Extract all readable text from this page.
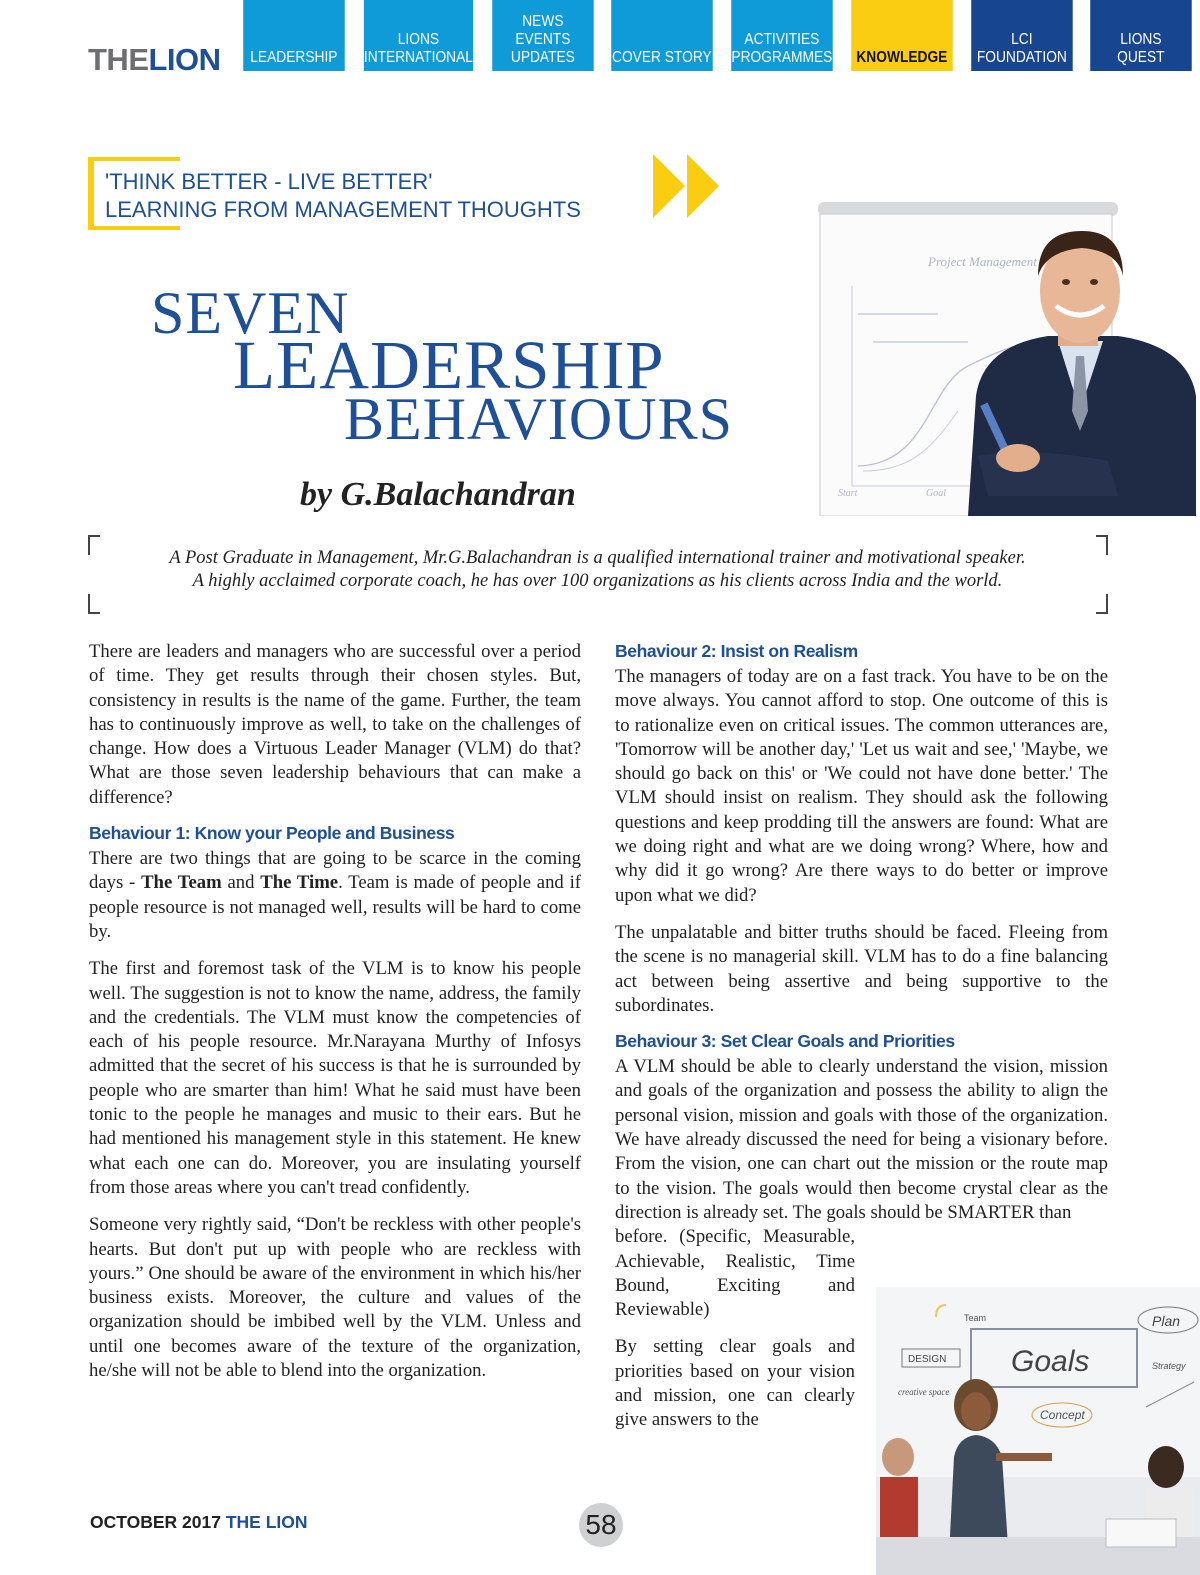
THELION LEADERSHIP
LIONS
INTERNATIONAL
NEWS
EVENTS
UPDATES COVER STORY
ACTIVITIES
PROGRAMMES KNOWLEDGE
LCI
FOUNDATION
LIONS
QUEST
'THINK BETTER - LIVE BETTER'
LEARNING FROM MANAGEMENT THOUGHTS
SEVEN
LEADERSHIP
BEHAVIOURS
by G.Balachandran
Project Management
Start	Goal
A Post Graduate in Management, Mr.G.Balachandran is a qualified international trainer and motivational speaker.
A highly acclaimed corporate coach, he has over 100 organizations as his clients across India and the world.

There are leaders and managers who are successful over a period of time. They get results through their chosen styles. But, consistency in results is the name of the game. Further, the team has to continuously improve as well, to take on the challenges of change. How does a Virtuous Leader Manager (VLM) do that? What are those seven leadership behaviours that can make a difference?

Behaviour 1: Know your People and Business

There are two things that are going to be scarce in the coming days - The Team and The Time. Team is made of people and if people resource is not managed well, results will be hard to come by.

The first and foremost task of the VLM is to know his people well. The suggestion is not to know the name, address, the family and the credentials. The VLM must know the competencies of each of his people resource. Mr.Narayana Murthy of Infosys admitted that the secret of his success is that he is surrounded by people who are smarter than him! What he said must have been tonic to the people he manages and music to their ears. But he had mentioned his management style in this statement. He knew what each one can do. Moreover, you are insulating yourself from those areas where you can't tread confidently.

Someone very rightly said, “Don't be reckless with other people's hearts. But don't put up with people who are reckless with yours.” One should be aware of the environment in which his/her business exists. Moreover, the culture and values of the organization should be imbibed well by the VLM. Unless and until one becomes aware of the texture of the organization, he/she will not be able to blend into the organization.

Behaviour 2: Insist on Realism

The managers of today are on a fast track. You have to be on the move always. You cannot afford to stop. One outcome of this is to rationalize even on critical issues. The common utterances are, 'Tomorrow will be another day,' 'Let us wait and see,' 'Maybe, we should go back on this' or 'We could not have done better.' The VLM should insist on realism. They should ask the following questions and keep prodding till the answers are found: What are we doing right and what are we doing wrong? Where, how and why did it go wrong? Are there ways to do better or improve upon what we did?

The unpalatable and bitter truths should be faced. Fleeing from the scene is no managerial skill. VLM has to do a fine balancing act between being assertive and being supportive to the subordinates.

Behaviour 3: Set Clear Goals and Priorities

A VLM should be able to clearly understand the vision, mission and goals of the organization and possess the ability to align the personal vision, mission and goals with those of the organization. We have already discussed the need for being a visionary before. From the vision, one can chart out the mission or the route map to the vision. The goals would then become crystal clear as the direction is already set. The goals should be SMARTER than

before. (Specific, Measurable, Achievable, Realistic, Time Bound, Exciting and Reviewable)

By setting clear goals and priorities based on your vision and mission, one can clearly give answers to the

Goals
Plan
Team
DESIGN
creative space
Concept
Strategy
OCTOBER 2017 THE LION	58
